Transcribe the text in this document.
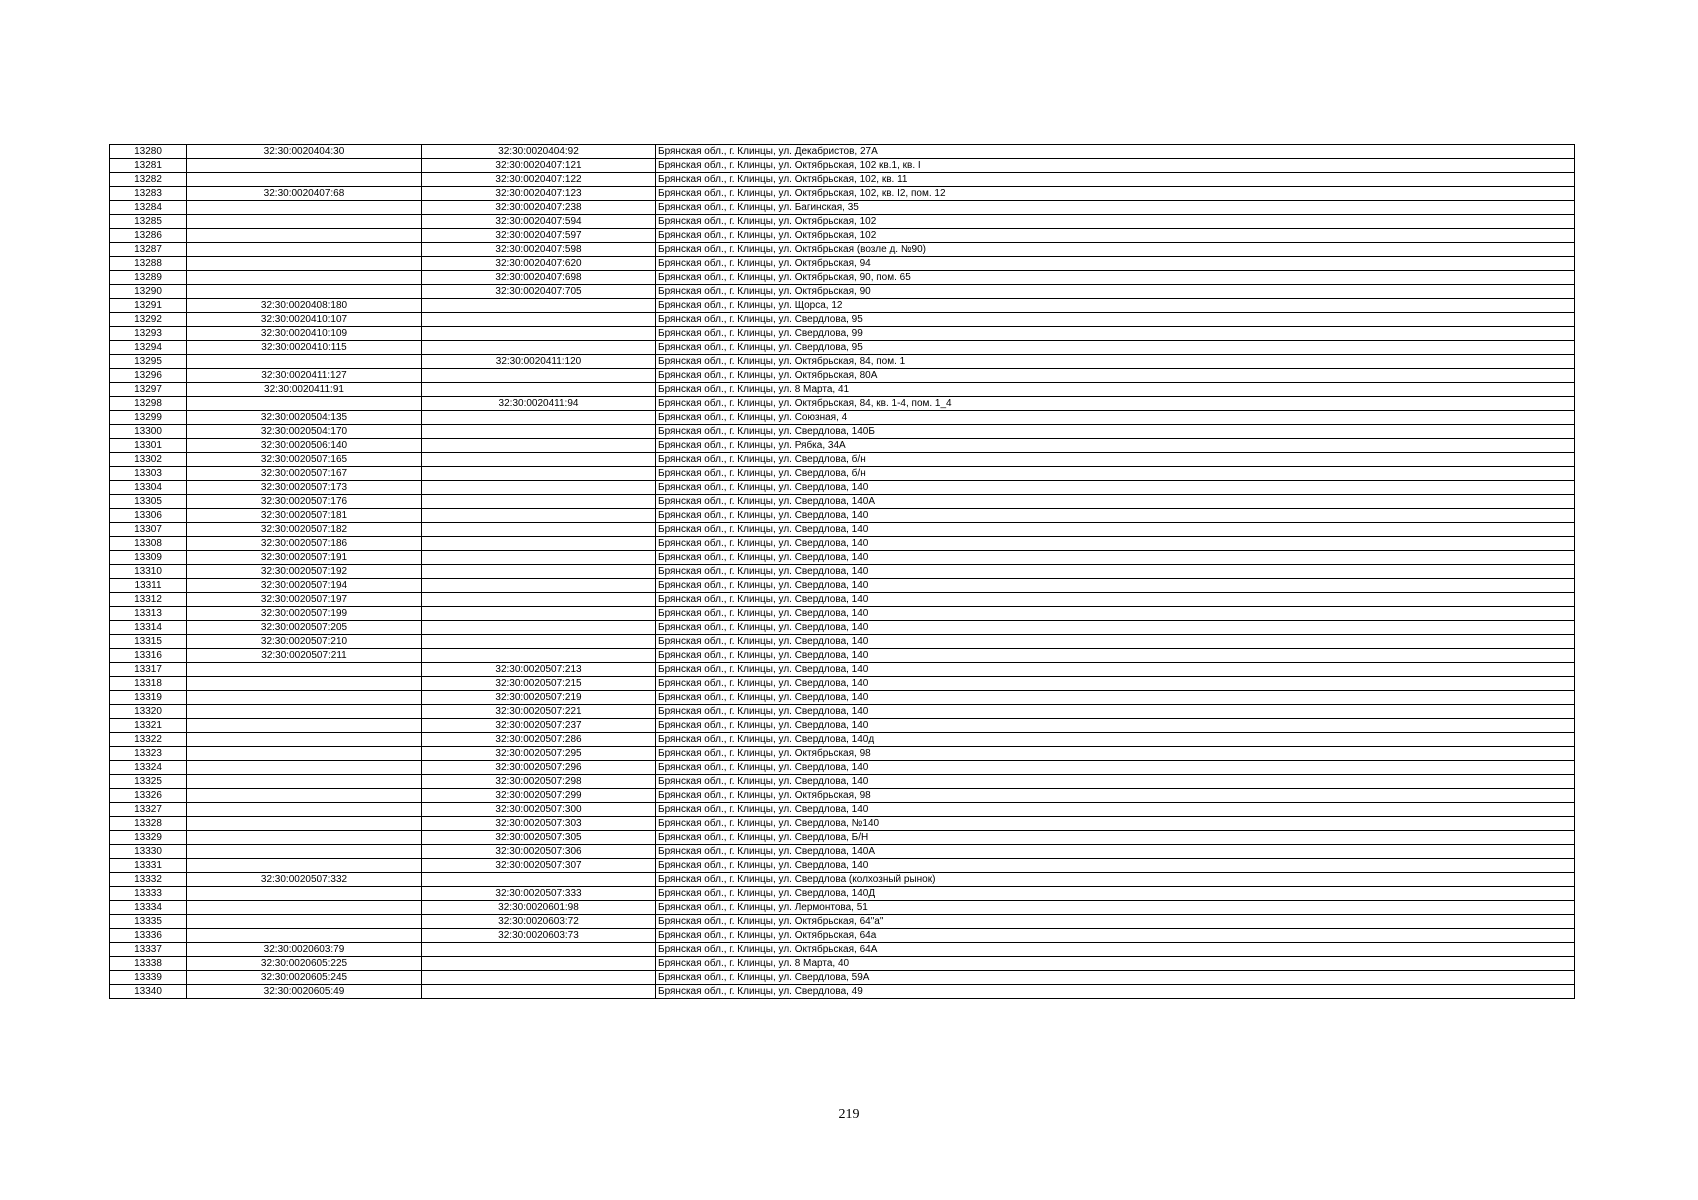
13280	32:30:0020404:30	32:30:0020404:92	Брянская обл., г. Клинцы, ул. Декабристов, 27А
13281		32:30:0020407:121	Брянская обл., г. Клинцы, ул. Октябрьская, 102 кв.1, кв. I
13282		32:30:0020407:122	Брянская обл., г. Клинцы, ул. Октябрьская, 102, кв. 11
13283	32:30:0020407:68	32:30:0020407:123	Брянская обл., г. Клинцы, ул. Октябрьская, 102, кв. I2, пом. 12
13284		32:30:0020407:238	Брянская обл., г. Клинцы, ул. Багинская, 35
13285		32:30:0020407:594	Брянская обл., г. Клинцы, ул. Октябрьская, 102
13286		32:30:0020407:597	Брянская обл., г. Клинцы, ул. Октябрьская, 102
13287		32:30:0020407:598	Брянская обл., г. Клинцы, ул. Октябрьская (возле д. №90)
13288		32:30:0020407:620	Брянская обл., г. Клинцы, ул. Октябрьская, 94
13289		32:30:0020407:698	Брянская обл., г. Клинцы, ул. Октябрьская, 90, пом. 65
13290		32:30:0020407:705	Брянская обл., г. Клинцы, ул. Октябрьская, 90
13291	32:30:0020408:180		Брянская обл., г. Клинцы, ул. Щорса, 12
13292	32:30:0020410:107		Брянская обл., г. Клинцы, ул. Свердлова, 95
13293	32:30:0020410:109		Брянская обл., г. Клинцы, ул. Свердлова, 99
13294	32:30:0020410:115		Брянская обл., г. Клинцы, ул. Свердлова, 95
13295		32:30:0020411:120	Брянская обл., г. Клинцы, ул. Октябрьская, 84, пом. 1
13296	32:30:0020411:127		Брянская обл., г. Клинцы, ул. Октябрьская, 80А
13297	32:30:0020411:91		Брянская обл., г. Клинцы, ул. 8 Марта, 41
13298		32:30:0020411:94	Брянская обл., г. Клинцы, ул. Октябрьская, 84, кв. 1-4, пом. 1_4
13299	32:30:0020504:135		Брянская обл., г. Клинцы, ул. Союзная, 4
13300	32:30:0020504:170		Брянская обл., г. Клинцы, ул. Свердлова, 140Б
13301	32:30:0020506:140		Брянская обл., г. Клинцы, ул. Рябка, 34А
13302	32:30:0020507:165		Брянская обл., г. Клинцы, ул. Свердлова, б/н
13303	32:30:0020507:167		Брянская обл., г. Клинцы, ул. Свердлова, б/н
13304	32:30:0020507:173		Брянская обл., г. Клинцы, ул. Свердлова, 140
13305	32:30:0020507:176		Брянская обл., г. Клинцы, ул. Свердлова, 140А
13306	32:30:0020507:181		Брянская обл., г. Клинцы, ул. Свердлова, 140
13307	32:30:0020507:182		Брянская обл., г. Клинцы, ул. Свердлова, 140
13308	32:30:0020507:186		Брянская обл., г. Клинцы, ул. Свердлова, 140
13309	32:30:0020507:191		Брянская обл., г. Клинцы, ул. Свердлова, 140
13310	32:30:0020507:192		Брянская обл., г. Клинцы, ул. Свердлова, 140
13311	32:30:0020507:194		Брянская обл., г. Клинцы, ул. Свердлова, 140
13312	32:30:0020507:197		Брянская обл., г. Клинцы, ул. Свердлова, 140
13313	32:30:0020507:199		Брянская обл., г. Клинцы, ул. Свердлова, 140
13314	32:30:0020507:205		Брянская обл., г. Клинцы, ул. Свердлова, 140
13315	32:30:0020507:210		Брянская обл., г. Клинцы, ул. Свердлова, 140
13316	32:30:0020507:211		Брянская обл., г. Клинцы, ул. Свердлова, 140
13317		32:30:0020507:213	Брянская обл., г. Клинцы, ул. Свердлова, 140
13318		32:30:0020507:215	Брянская обл., г. Клинцы, ул. Свердлова, 140
13319		32:30:0020507:219	Брянская обл., г. Клинцы, ул. Свердлова, 140
13320		32:30:0020507:221	Брянская обл., г. Клинцы, ул. Свердлова, 140
13321		32:30:0020507:237	Брянская обл., г. Клинцы, ул. Свердлова, 140
13322		32:30:0020507:286	Брянская обл., г. Клинцы, ул. Свердлова, 140д
13323		32:30:0020507:295	Брянская обл., г. Клинцы, ул. Октябрьская, 98
13324		32:30:0020507:296	Брянская обл., г. Клинцы, ул. Свердлова, 140
13325		32:30:0020507:298	Брянская обл., г. Клинцы, ул. Свердлова, 140
13326		32:30:0020507:299	Брянская обл., г. Клинцы, ул. Октябрьская, 98
13327		32:30:0020507:300	Брянская обл., г. Клинцы, ул. Свердлова, 140
13328		32:30:0020507:303	Брянская обл., г. Клинцы, ул. Свердлова, №140
13329		32:30:0020507:305	Брянская обл., г. Клинцы, ул. Свердлова, Б/Н
13330		32:30:0020507:306	Брянская обл., г. Клинцы, ул. Свердлова, 140А
13331		32:30:0020507:307	Брянская обл., г. Клинцы, ул. Свердлова, 140
13332	32:30:0020507:332		Брянская обл., г. Клинцы, ул. Свердлова (колхозный рынок)
13333		32:30:0020507:333	Брянская обл., г. Клинцы, ул. Свердлова, 140Д
13334		32:30:0020601:98	Брянская обл., г. Клинцы, ул. Лермонтова, 51
13335		32:30:0020603:72	Брянская обл., г. Клинцы, ул. Октябрьская, 64"а"
13336		32:30:0020603:73	Брянская обл., г. Клинцы, ул. Октябрьская, 64а
13337	32:30:0020603:79		Брянская обл., г. Клинцы, ул. Октябрьская, 64А
13338	32:30:0020605:225		Брянская обл., г. Клинцы, ул. 8 Марта, 40
13339	32:30:0020605:245		Брянская обл., г. Клинцы, ул. Свердлова, 59А
13340	32:30:0020605:49		Брянская обл., г. Клинцы, ул. Свердлова, 49
219
